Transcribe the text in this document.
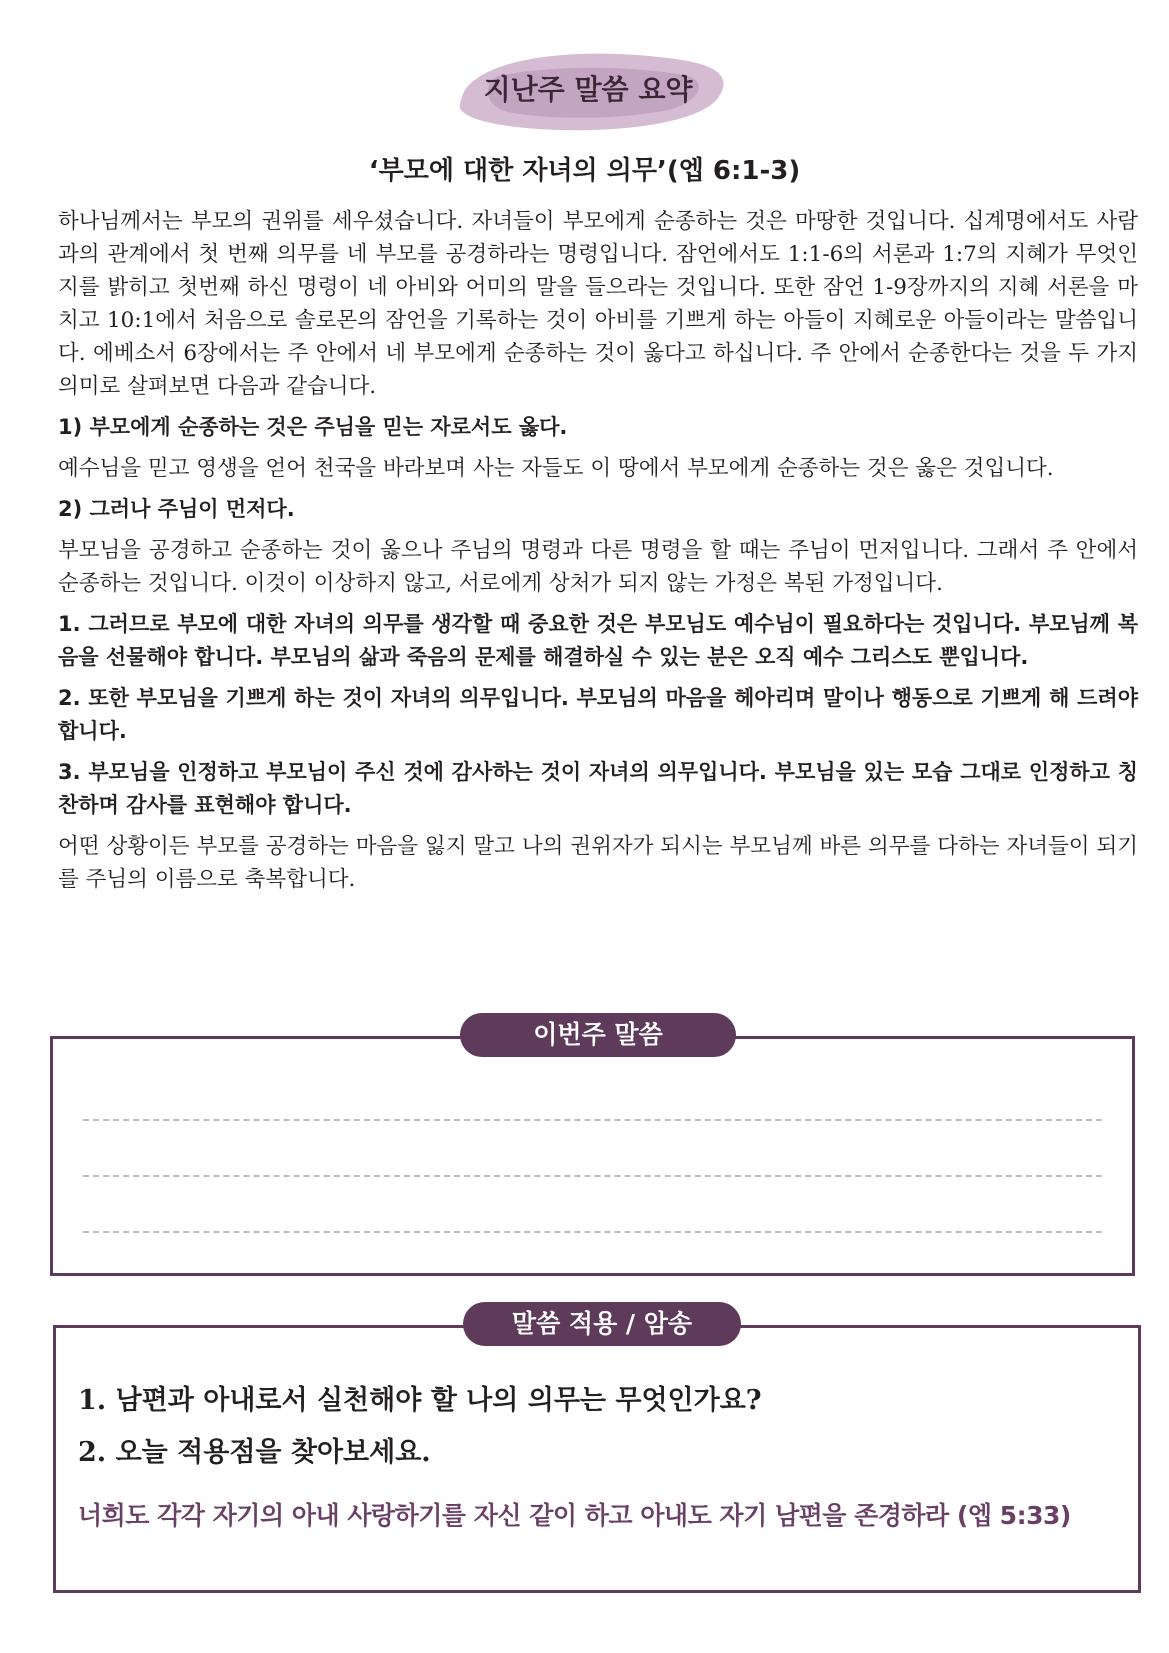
지난주 말씀 요약
‘부모에 대한 자녀의 의무’(엡 6:1-3)

하나님께서는 부모의 권위를 세우셨습니다. 자녀들이 부모에게 순종하는 것은 마땅한 것입니다. 십계명에서도 사람과의 관계에서 첫 번째 의무를 네 부모를 공경하라는 명령입니다. 잠언에서도 1:1-6의 서론과 1:7의 지혜가 무엇인지를 밝히고 첫번째 하신 명령이 네 아비와 어미의 말을 들으라는 것입니다. 또한 잠언 1-9장까지의 지혜 서론을 마치고 10:1에서 처음으로 솔로몬의 잠언을 기록하는 것이 아비를 기쁘게 하는 아들이 지혜로운 아들이라는 말씀입니다. 에베소서 6장에서는 주 안에서 네 부모에게 순종하는 것이 옳다고 하십니다. 주 안에서 순종한다는 것을 두 가지 의미로 살펴보면 다음과 같습니다.

1) 부모에게 순종하는 것은 주님을 믿는 자로서도 옳다.

예수님을 믿고 영생을 얻어 천국을 바라보며 사는 자들도 이 땅에서 부모에게 순종하는 것은 옳은 것입니다.

2) 그러나 주님이 먼저다.

부모님을 공경하고 순종하는 것이 옳으나 주님의 명령과 다른 명령을 할 때는 주님이 먼저입니다. 그래서 주 안에서 순종하는 것입니다. 이것이 이상하지 않고, 서로에게 상처가 되지 않는 가정은 복된 가정입니다.

1. 그러므로 부모에 대한 자녀의 의무를 생각할 때 중요한 것은 부모님도 예수님이 필요하다는 것입니다. 부모님께 복음을 선물해야 합니다. 부모님의 삶과 죽음의 문제를 해결하실 수 있는 분은 오직 예수 그리스도 뿐입니다.

2. 또한 부모님을 기쁘게 하는 것이 자녀의 의무입니다. 부모님의 마음을 헤아리며 말이나 행동으로 기쁘게 해 드려야 합니다.

3. 부모님을 인정하고 부모님이 주신 것에 감사하는 것이 자녀의 의무입니다. 부모님을 있는 모습 그대로 인정하고 칭찬하며 감사를 표현해야 합니다.

어떤 상황이든 부모를 공경하는 마음을 잃지 말고 나의 권위자가 되시는 부모님께 바른 의무를 다하는 자녀들이 되기를 주님의 이름으로 축복합니다.

이번주 말씀
1. 남편과 아내로서 실천해야 할 나의 의무는 무엇인가요?
2. 오늘 적용점을 찾아보세요.
너희도 각각 자기의 아내 사랑하기를 자신 같이 하고 아내도 자기 남편을 존경하라 (엡 5:33)
말씀 적용 / 암송
